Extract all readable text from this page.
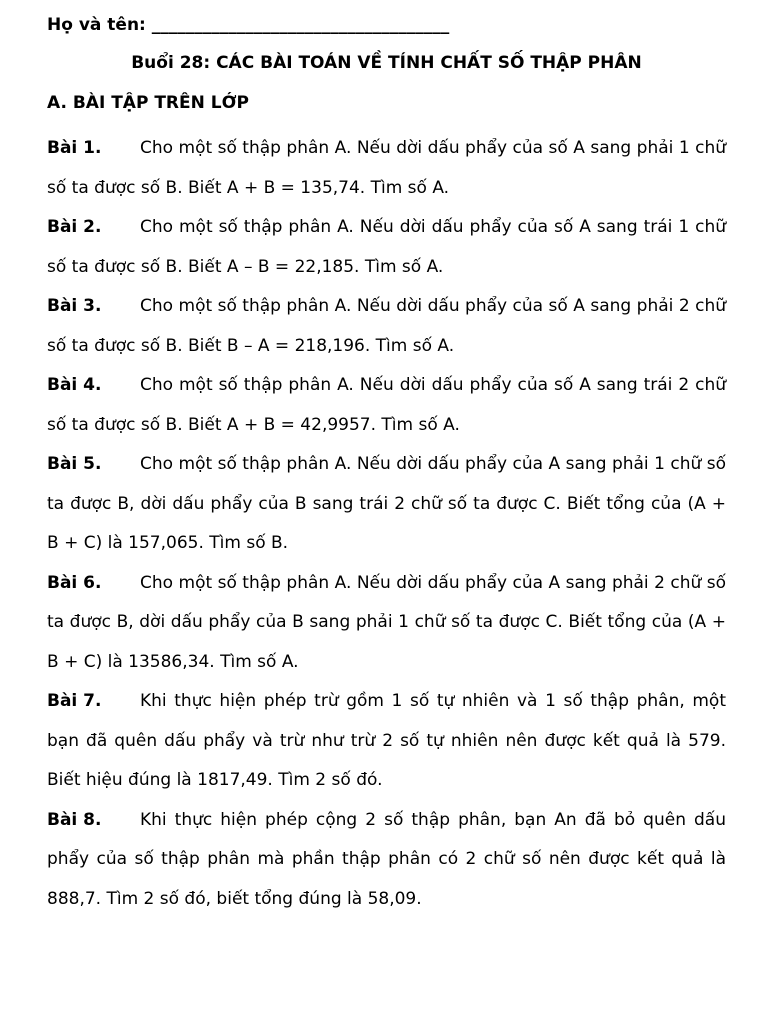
Họ và tên: ___________________________________
Buổi 28: CÁC BÀI TOÁN VỀ TÍNH CHẤT SỐ THẬP PHÂN
A. BÀI TẬP TRÊN LỚP

Bài 1. Cho một số thập phân A. Nếu dời dấu phẩy của số A sang phải 1 chữ số ta được số B. Biết A + B = 135,74. Tìm số A.

Bài 2. Cho một số thập phân A. Nếu dời dấu phẩy của số A sang trái 1 chữ số ta được số B. Biết A – B = 22,185. Tìm số A.

Bài 3. Cho một số thập phân A. Nếu dời dấu phẩy của số A sang phải 2 chữ số ta được số B. Biết B – A = 218,196. Tìm số A.

Bài 4. Cho một số thập phân A. Nếu dời dấu phẩy của số A sang trái 2 chữ số ta được số B. Biết A + B = 42,9957. Tìm số A.

Bài 5. Cho một số thập phân A. Nếu dời dấu phẩy của A sang phải 1 chữ số ta được B, dời dấu phẩy của B sang trái 2 chữ số ta được C. Biết tổng của (A + B + C) là 157,065. Tìm số B.

Bài 6. Cho một số thập phân A. Nếu dời dấu phẩy của A sang phải 2 chữ số ta được B, dời dấu phẩy của B sang phải 1 chữ số ta được C. Biết tổng của (A + B + C) là 13586,34. Tìm số A.

Bài 7. Khi thực hiện phép trừ gồm 1 số tự nhiên và 1 số thập phân, một bạn đã quên dấu phẩy và trừ như trừ 2 số tự nhiên nên được kết quả là 579. Biết hiệu đúng là 1817,49. Tìm 2 số đó.

Bài 8. Khi thực hiện phép cộng 2 số thập phân, bạn An đã bỏ quên dấu phẩy của số thập phân mà phần thập phân có 2 chữ số nên được kết quả là 888,7. Tìm 2 số đó, biết tổng đúng là 58,09.
